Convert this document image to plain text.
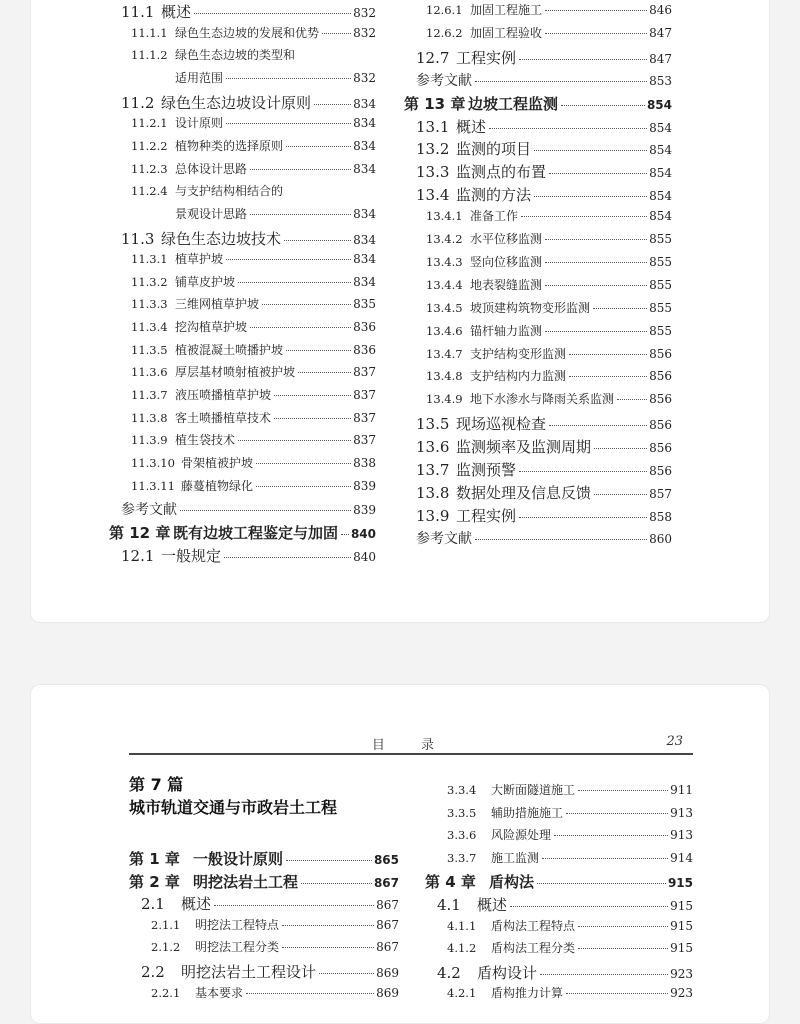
11.1 概述	832
11.1.1 绿色生态边坡的发展和优势	832
11.1.2 绿色生态边坡的类型和
适用范围	832
11.2 绿色生态边坡设计原则	834
11.2.1 设计原则	834
11.2.2 植物种类的选择原则	834
11.2.3 总体设计思路	834
11.2.4 与支护结构相结合的
景观设计思路	834
11.3 绿色生态边坡技术	834
11.3.1 植草护坡	834
11.3.2 铺草皮护坡	834
11.3.3 三维网植草护坡	835
11.3.4 挖沟植草护坡	836
11.3.5 植被混凝土喷播护坡	836
11.3.6 厚层基材喷射植被护坡	837
11.3.7 液压喷播植草护坡	837
11.3.8 客土喷播植草技术	837
11.3.9 植生袋技术	837
11.3.10 骨架植被护坡	838
11.3.11 藤蔓植物绿化	839
参考文献	839
第 12 章 既有边坡工程鉴定与加固 840
12.1 一般规定	840
12.6.1 加固工程施工	846
12.6.2 加固工程验收	847
12.7 工程实例	847
参考文献	853
第 13 章 边坡工程监测	854
13.1 概述	854
13.2 监测的项目	854
13.3 监测点的布置	854
13.4 监测的方法	854
13.4.1 准备工作	854
13.4.2 水平位移监测	855
13.4.3 竖向位移监测	855
13.4.4 地表裂缝监测	855
13.4.5 坡顶建构筑物变形监测	855
13.4.6 锚杆轴力监测	855
13.4.7 支护结构变形监测	856
13.4.8 支护结构内力监测	856
13.4.9 地下水渗水与降雨关系监测	856
13.5 现场巡视检查	856
13.6 监测频率及监测周期	856
13.7 监测预警	856
13.8 数据处理及信息反馈	857
13.9 工程实例	858
参考文献	860
目 录	23
第 7 篇
城市轨道交通与市政岩土工程
第 1 章 一般设计原则	865
第 2 章 明挖法岩土工程	867
2.1	概述	867
2.1.1	明挖法工程特点	867
2.1.2	明挖法工程分类	867
2.2	明挖法岩土工程设计	869
2.2.1	基本要求	869
3.3.4	大断面隧道施工	911
3.3.5	辅助措施施工	913
3.3.6	风险源处理	913
3.3.7	施工监测	914
第 4 章 盾构法	915
4.1	概述	915
4.1.1	盾构法工程特点	915
4.1.2	盾构法工程分类	915
4.2	盾构设计	923
4.2.1	盾构推力计算	923
